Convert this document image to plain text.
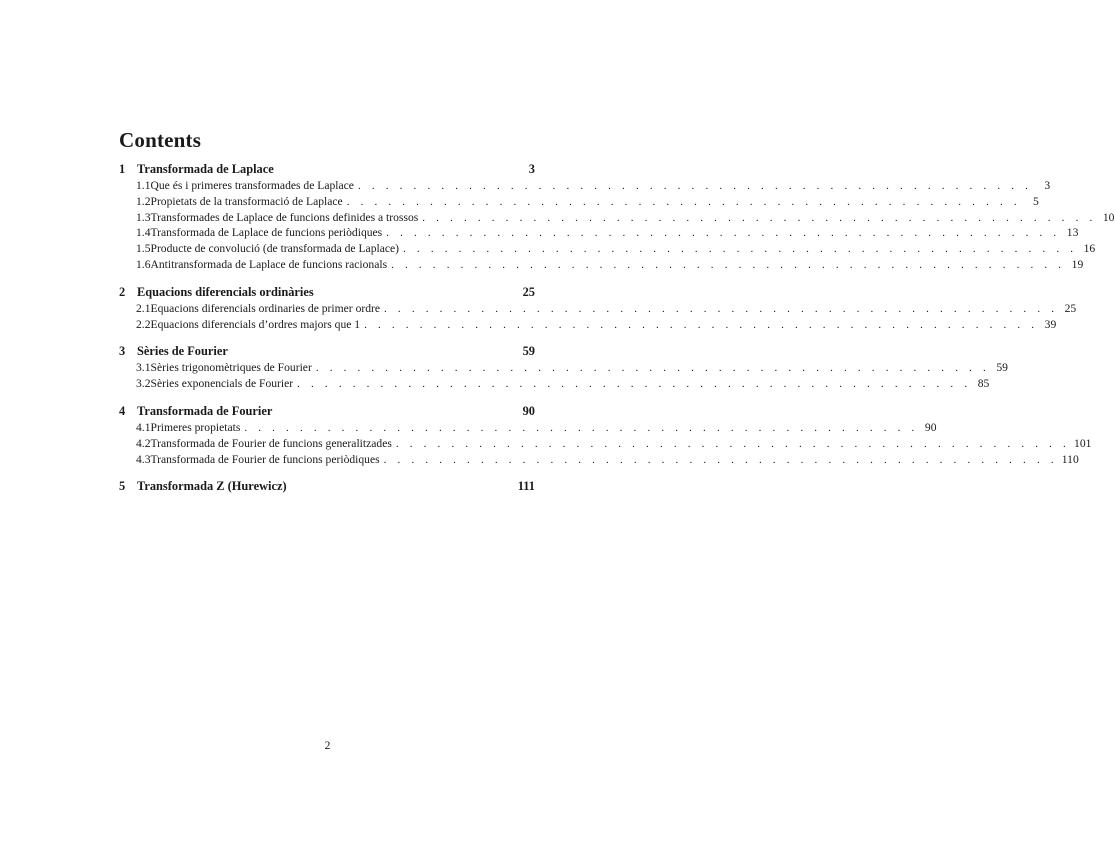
Contents
1 Transformada de Laplace	3
1.1 Que és i primeres transformades de Laplace . . . . . . . . . . . . . . . . . . . . . . . . . . . . . . . . . . . . . . . . . . . . . . . . .	3
1.2 Propietats de la transformació de Laplace . . . . . . . . . . . . . . . . . . . . . . . . . . . . . . . . . . . . . . . . . . . . . . . . .	5
1.3 Transformades de Laplace de funcions definides a trossos . . . . . . . . . . . . . . . . . . . . . . . . . . . . . . . . . . . . . . . . . . . . . . . . . 10
1.4 Transformada de Laplace de funcions periòdiques . . . . . . . . . . . . . . . . . . . . . . . . . . . . . . . . . . . . . . . . . . . . . . . . . 13
1.5 Producte de convolució (de transformada de Laplace) . . . . . . . . . . . . . . . . . . . . . . . . . . . . . . . . . . . . . . . . . . . . . . . . . 16
1.6 Antitransformada de Laplace de funcions racionals . . . . . . . . . . . . . . . . . . . . . . . . . . . . . . . . . . . . . . . . . . . . . . . . . 19
2 Equacions diferencials ordinàries	25
2.1 Equacions diferencials ordinaries de primer ordre . . . . . . . . . . . . . . . . . . . . . . . . . . . . . . . . . . . . . . . . . . . . . . . . . 25
2.2 Equacions diferencials d’ordres majors que 1 . . . . . . . . . . . . . . . . . . . . . . . . . . . . . . . . . . . . . . . . . . . . . . . . . 39
3 Sèries de Fourier	59
3.1 Sèries trigonomètriques de Fourier . . . . . . . . . . . . . . . . . . . . . . . . . . . . . . . . . . . . . . . . . . . . . . . . . 59
3.2 Sèries exponencials de Fourier . . . . . . . . . . . . . . . . . . . . . . . . . . . . . . . . . . . . . . . . . . . . . . . . . 85
4 Transformada de Fourier	90
4.1 Primeres propietats . . . . . . . . . . . . . . . . . . . . . . . . . . . . . . . . . . . . . . . . . . . . . . . . . 90
4.2 Transformada de Fourier de funcions generalitzades . . . . . . . . . . . . . . . . . . . . . . . . . . . . . . . . . . . . . . . . . . . . . . . . . 101
4.3 Transformada de Fourier de funcions periòdiques . . . . . . . . . . . . . . . . . . . . . . . . . . . . . . . . . . . . . . . . . . . . . . . . . 110
5 Transformada Z (Hurewicz)	111
2
